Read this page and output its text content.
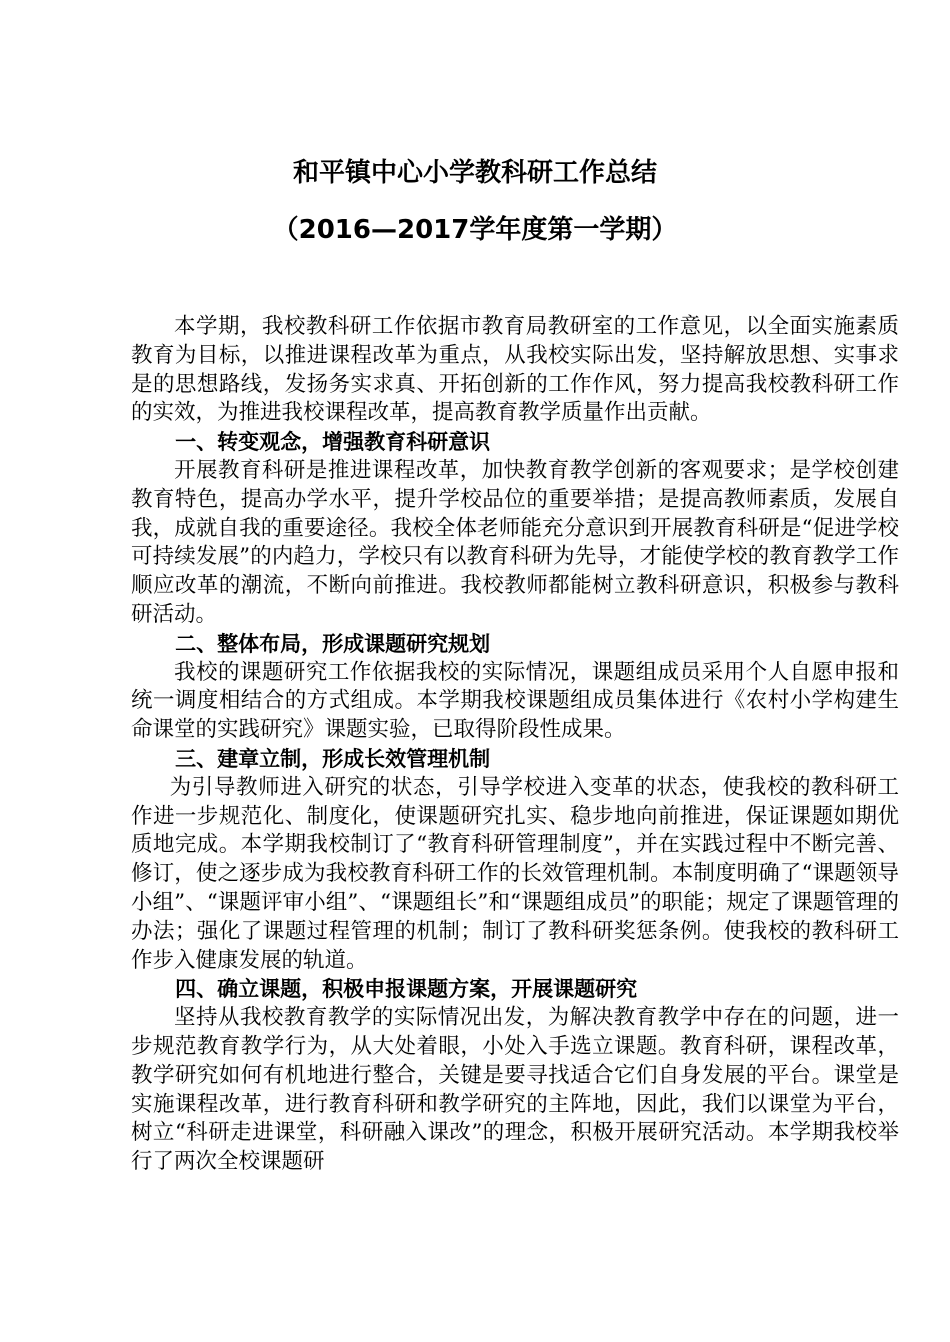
和平镇中心小学教科研工作总结
（2016—2017学年度第一学期）

本学期，我校教科研工作依据市教育局教研室的工作意见，以全面实施素质教育为目标，以推进课程改革为重点，从我校实际出发，坚持解放思想、实事求是的思想路线，发扬务实求真、开拓创新的工作作风，努力提高我校教科研工作的实效，为推进我校课程改革，提高教育教学质量作出贡献。

一、转变观念，增强教育科研意识

开展教育科研是推进课程改革，加快教育教学创新的客观要求；是学校创建教育特色，提高办学水平，提升学校品位的重要举措；是提高教师素质，发展自我，成就自我的重要途径。我校全体老师能充分意识到开展教育科研是“促进学校可持续发展”的内趋力，学校只有以教育科研为先导，才能使学校的教育教学工作顺应改革的潮流，不断向前推进。我校教师都能树立教科研意识，积极参与教科研活动。

二、整体布局，形成课题研究规划

我校的课题研究工作依据我校的实际情况，课题组成员采用个人自愿申报和统一调度相结合的方式组成。本学期我校课题组成员集体进行《农村小学构建生命课堂的实践研究》课题实验，已取得阶段性成果。

三、建章立制，形成长效管理机制

为引导教师进入研究的状态，引导学校进入变革的状态，使我校的教科研工作进一步规范化、制度化，使课题研究扎实、稳步地向前推进，保证课题如期优质地完成。本学期我校制订了“教育科研管理制度”，并在实践过程中不断完善、修订，使之逐步成为我校教育科研工作的长效管理机制。本制度明确了“课题领导小组”、“课题评审小组”、“课题组长”和“课题组成员”的职能；规定了课题管理的办法；强化了课题过程管理的机制；制订了教科研奖惩条例。使我校的教科研工作步入健康发展的轨道。

四、确立课题，积极申报课题方案，开展课题研究

坚持从我校教育教学的实际情况出发，为解决教育教学中存在的问题，进一步规范教育教学行为，从大处着眼，小处入手选立课题。教育科研，课程改革，教学研究如何有机地进行整合，关键是要寻找适合它们自身发展的平台。课堂是实施课程改革，进行教育科研和教学研究的主阵地，因此，我们以课堂为平台，树立“科研走进课堂，科研融入课改”的理念，积极开展研究活动。本学期我校举行了两次全校课题研
